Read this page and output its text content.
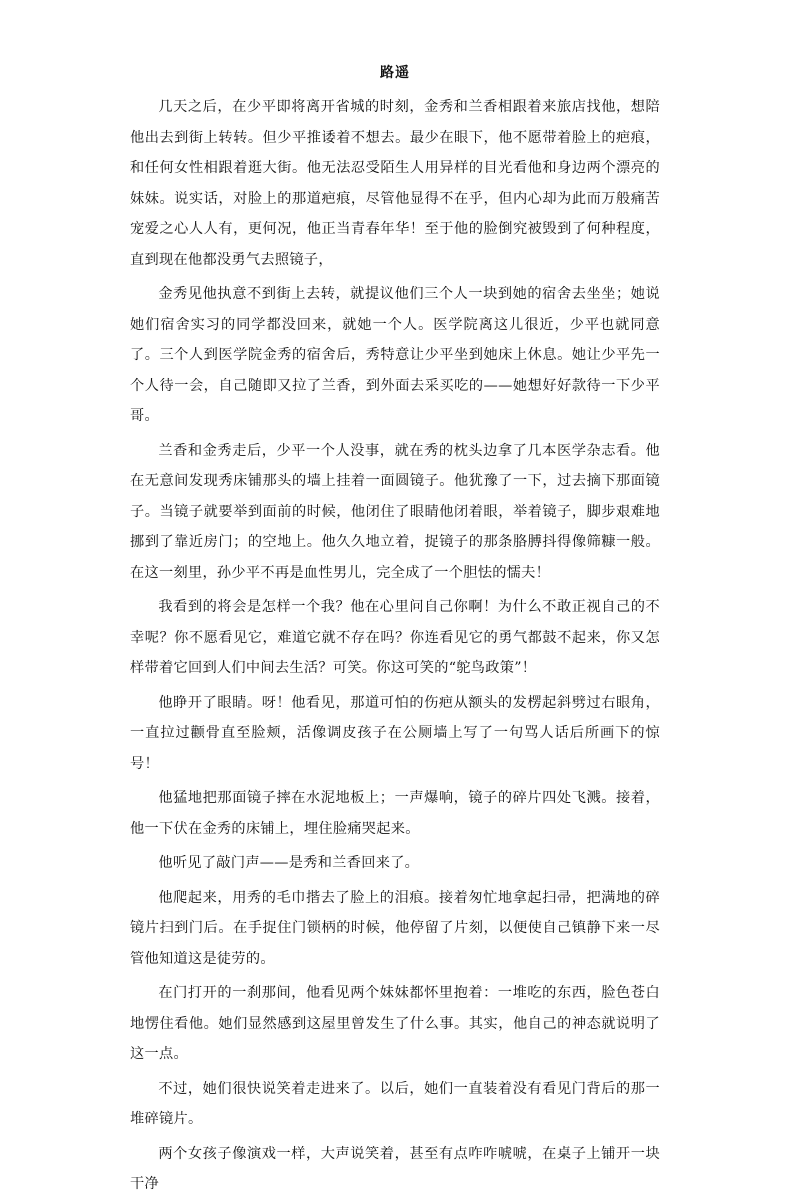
路遥

几天之后，在少平即将离开省城的时刻，金秀和兰香相跟着来旅店找他，想陪他出去到街上转转。但少平推诿着不想去。最少在眼下，他不愿带着脸上的疤痕，和任何女性相跟着逛大街。他无法忍受陌生人用异样的目光看他和身边两个漂亮的妹妹。说实话，对脸上的那道疤痕，尽管他显得不在乎，但内心却为此而万般痛苦宠爱之心人人有，更何况，他正当青春年华！至于他的脸倒究被毁到了何种程度，直到现在他都没勇气去照镜子，

金秀见他执意不到街上去转，就提议他们三个人一块到她的宿舍去坐坐；她说她们宿舍实习的同学都没回来，就她一个人。医学院离这儿很近，少平也就同意了。三个人到医学院金秀的宿舍后，秀特意让少平坐到她床上休息。她让少平先一个人待一会，自己随即又拉了兰香，到外面去采买吃的——她想好好款待一下少平哥。

兰香和金秀走后，少平一个人没事，就在秀的枕头边拿了几本医学杂志看。他在无意间发现秀床铺那头的墙上挂着一面圆镜子。他犹豫了一下，过去摘下那面镜子。当镜子就要举到面前的时候，他闭住了眼睛他闭着眼，举着镜子，脚步艰难地挪到了靠近房门；的空地上。他久久地立着，捉镜子的那条胳膊抖得像筛糠一般。在这一刻里，孙少平不再是血性男儿，完全成了一个胆怯的懦夫！

我看到的将会是怎样一个我？他在心里问自己你啊！为什么不敢正视自己的不幸呢？你不愿看见它，难道它就不存在吗？你连看见它的勇气都鼓不起来，你又怎样带着它回到人们中间去生活？可笑。你这可笑的“鸵鸟政策”！

他睁开了眼睛。呀！他看见，那道可怕的伤疤从额头的发楞起斜劈过右眼角，一直拉过颧骨直至脸颊，活像调皮孩子在公厕墙上写了一句骂人话后所画下的惊号！

他猛地把那面镜子摔在水泥地板上；一声爆响，镜子的碎片四处飞溅。接着，他一下伏在金秀的床铺上，埋住脸痛哭起来。

他听见了敲门声——是秀和兰香回来了。

他爬起来，用秀的毛巾揩去了脸上的泪痕。接着匆忙地拿起扫帚，把满地的碎镜片扫到门后。在手捉住门锁柄的时候，他停留了片刻，以便使自己镇静下来一尽管他知道这是徒劳的。

在门打开的一刹那间，他看见两个妹妹都怀里抱着：一堆吃的东西，脸色苍白地愣住看他。她们显然感到这屋里曾发生了什么事。其实，他自己的神态就说明了这一点。

不过，她们很快说笑着走进来了。以后，她们一直装着没有看见门背后的那一堆碎镜片。

两个女孩子像演戏一样，大声说笑着，甚至有点咋咋唬唬，在桌子上铺开一块干净
